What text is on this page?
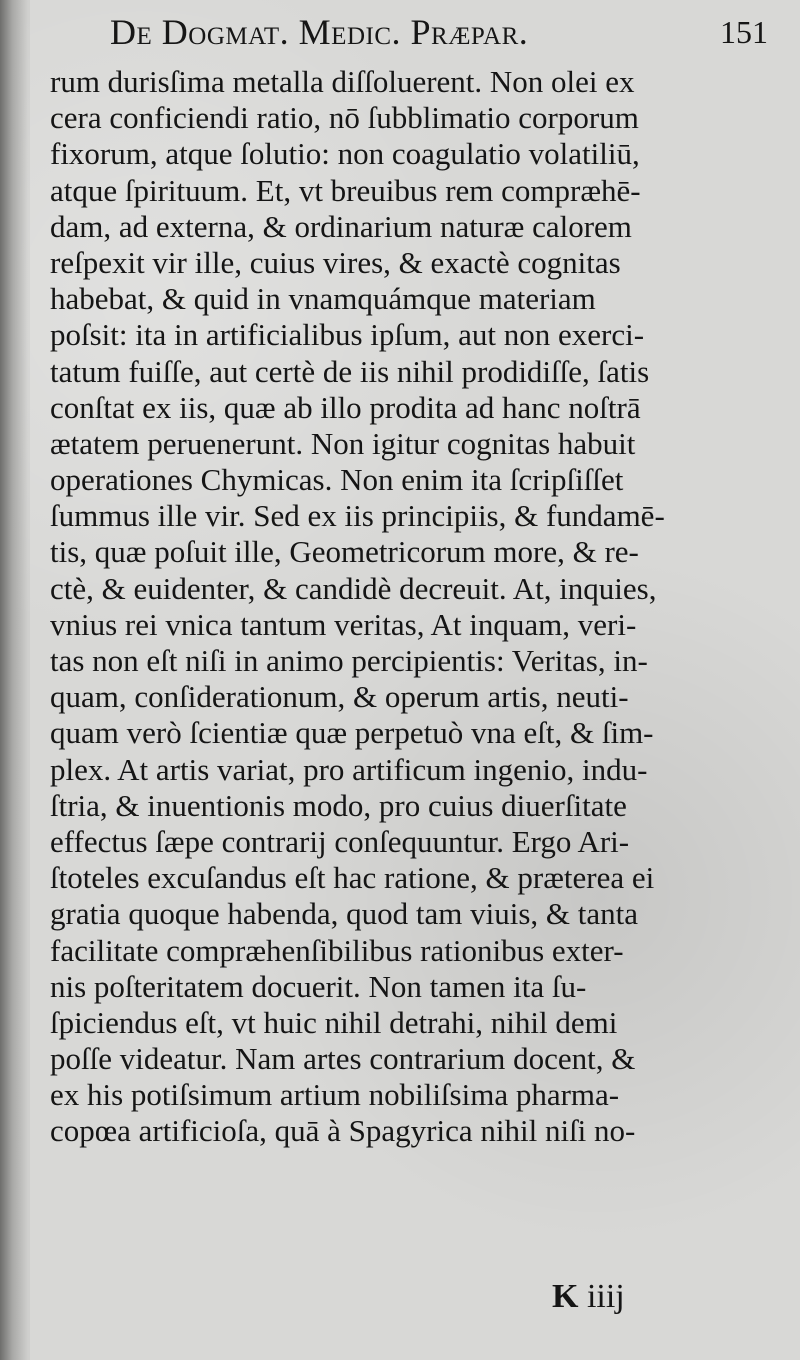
De Dogmat. Medic. Præpar.	151
rum durisſima metalla diſſoluerent. Non olei ex
cera conficiendi ratio, nō ſubblimatio corporum
fixorum, atque ſolutio: non coagulatio volatiliū,
atque ſpirituum. Et, vt breuibus rem compræhē-
dam, ad externa, & ordinarium naturæ calorem
reſpexit vir ille, cuius vires, & exactè cognitas
habebat, & quid in vnamquámque materiam
poſsit: ita in artificialibus ipſum, aut non exerci-
tatum fuiſſe, aut certè de iis nihil prodidiſſe, ſatis
conſtat ex iis, quæ ab illo prodita ad hanc noſtrā
ætatem peruenerunt. Non igitur cognitas habuit
operationes Chymicas. Non enim ita ſcripſiſſet
ſummus ille vir. Sed ex iis principiis, & fundamē-
tis, quæ poſuit ille, Geometricorum more, & re-
ctè, & euidenter, & candidè decreuit. At, inquies,
vnius rei vnica tantum veritas, At inquam, veri-
tas non eſt niſi in animo percipientis: Veritas, in-
quam, conſiderationum, & operum artis, neuti-
quam verò ſcientiæ quæ perpetuò vna eſt, & ſim-
plex. At artis variat, pro artificum ingenio, indu-
ſtria, & inuentionis modo, pro cuius diuerſitate
effectus ſæpe contrarij conſequuntur. Ergo Ari-
ſtoteles excuſandus eſt hac ratione, & præterea ei
gratia quoque habenda, quod tam viuis, & tanta
facilitate compræhenſibilibus rationibus exter-
nis poſteritatem docuerit. Non tamen ita ſu-
ſpiciendus eſt, vt huic nihil detrahi, nihil demi
poſſe videatur. Nam artes contrarium docent, &
ex his potiſsimum artium nobiliſsima pharma-
copœa artificioſa, quā à Spagyrica nihil niſi no-
K iiij
